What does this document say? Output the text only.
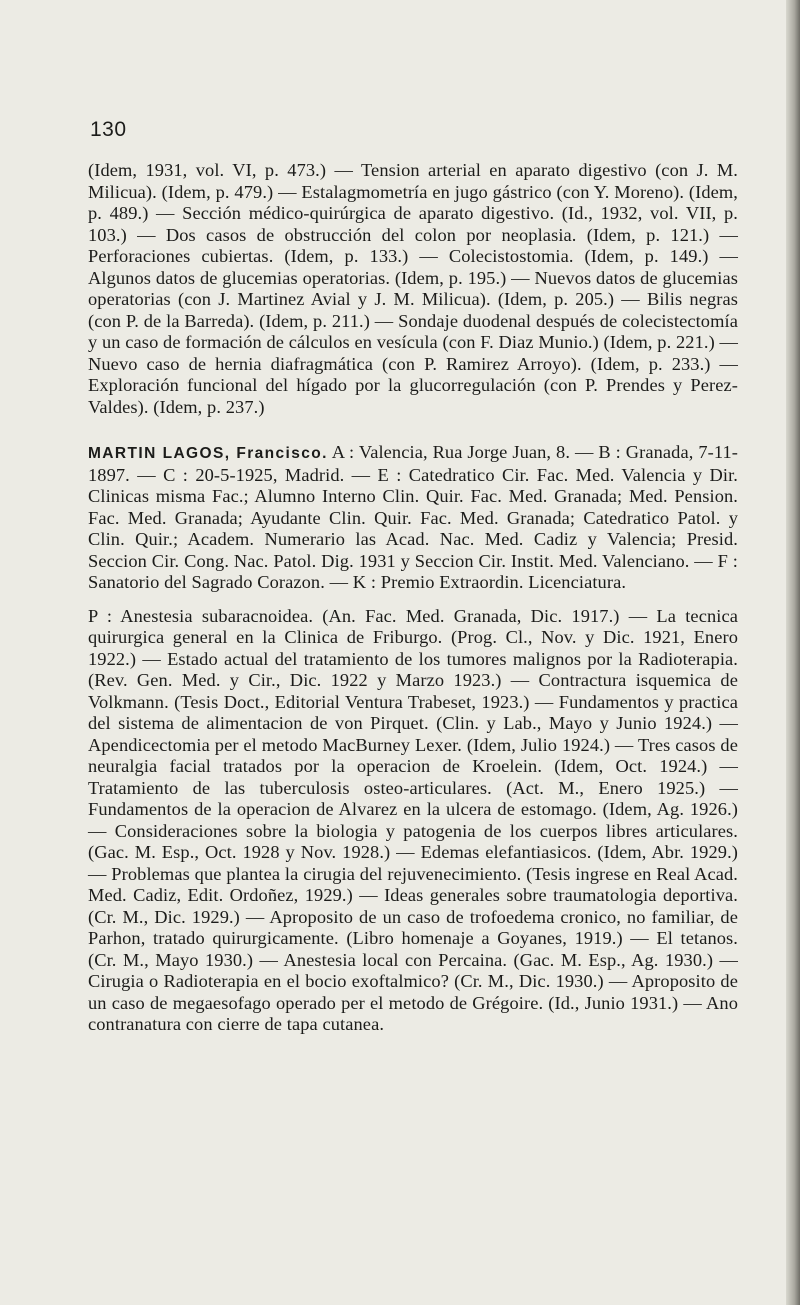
130

(Idem, 1931, vol. VI, p. 473.) — Tension arterial en aparato digestivo (con J. M. Milicua). (Idem, p. 479.) — Estalagmometría en jugo gástrico (con Y. Moreno). (Idem, p. 489.) — Sección médico-quirúrgica de aparato digestivo. (Id., 1932, vol. VII, p. 103.) — Dos casos de obstrucción del colon por neoplasia. (Idem, p. 121.) — Perforaciones cubiertas. (Idem, p. 133.) — Colecistostomia. (Idem, p. 149.) — Algunos datos de glucemias operatorias. (Idem, p. 195.) — Nuevos datos de glucemias operatorias (con J. Martinez Avial y J. M. Milicua). (Idem, p. 205.) — Bilis negras (con P. de la Barreda). (Idem, p. 211.) — Sondaje duodenal después de colecistectomía y un caso de formación de cálculos en vesícula (con F. Diaz Munio.) (Idem, p. 221.) — Nuevo caso de hernia diafragmática (con P. Ramirez Arroyo). (Idem, p. 233.) — Exploración funcional del hígado por la glucorregulación (con P. Prendes y Perez-Valdes). (Idem, p. 237.)

MARTIN LAGOS, Francisco. A : Valencia, Rua Jorge Juan, 8. — B : Granada, 7-11-1897. — C : 20-5-1925, Madrid. — E : Catedratico Cir. Fac. Med. Valencia y Dir. Clinicas misma Fac.; Alumno Interno Clin. Quir. Fac. Med. Granada; Med. Pension. Fac. Med. Granada; Ayudante Clin. Quir. Fac. Med. Granada; Catedratico Patol. y Clin. Quir.; Academ. Numerario las Acad. Nac. Med. Cadiz y Valencia; Presid. Seccion Cir. Cong. Nac. Patol. Dig. 1931 y Seccion Cir. Instit. Med. Valenciano. — F : Sanatorio del Sagrado Corazon. — K : Premio Extraordin. Licenciatura.

P : Anestesia subaracnoidea. (An. Fac. Med. Granada, Dic. 1917.) — La tecnica quirurgica general en la Clinica de Friburgo. (Prog. Cl., Nov. y Dic. 1921, Enero 1922.) — Estado actual del tratamiento de los tumores malignos por la Radioterapia. (Rev. Gen. Med. y Cir., Dic. 1922 y Marzo 1923.) — Contractura isquemica de Volkmann. (Tesis Doct., Editorial Ventura Trabeset, 1923.) — Fundamentos y practica del sistema de alimentacion de von Pirquet. (Clin. y Lab., Mayo y Junio 1924.) — Apendicectomia per el metodo MacBurney Lexer. (Idem, Julio 1924.) — Tres casos de neuralgia facial tratados por la operacion de Kroelein. (Idem, Oct. 1924.) — Tratamiento de las tuberculosis osteo-articulares. (Act. M., Enero 1925.) — Fundamentos de la operacion de Alvarez en la ulcera de estomago. (Idem, Ag. 1926.) — Consideraciones sobre la biologia y patogenia de los cuerpos libres articulares. (Gac. M. Esp., Oct. 1928 y Nov. 1928.) — Edemas elefantiasicos. (Idem, Abr. 1929.) — Problemas que plantea la cirugia del rejuvenecimiento. (Tesis ingrese en Real Acad. Med. Cadiz, Edit. Ordoñez, 1929.) — Ideas generales sobre traumatologia deportiva. (Cr. M., Dic. 1929.) — Aproposito de un caso de trofoedema cronico, no familiar, de Parhon, tratado quirurgicamente. (Libro homenaje a Goyanes, 1919.) — El tetanos. (Cr. M., Mayo 1930.) — Anestesia local con Percaina. (Gac. M. Esp., Ag. 1930.) — Cirugia o Radioterapia en el bocio exoftalmico? (Cr. M., Dic. 1930.) — Aproposito de un caso de megaesofago operado per el metodo de Grégoire. (Id., Junio 1931.) — Ano contranatura con cierre de tapa cutanea.
